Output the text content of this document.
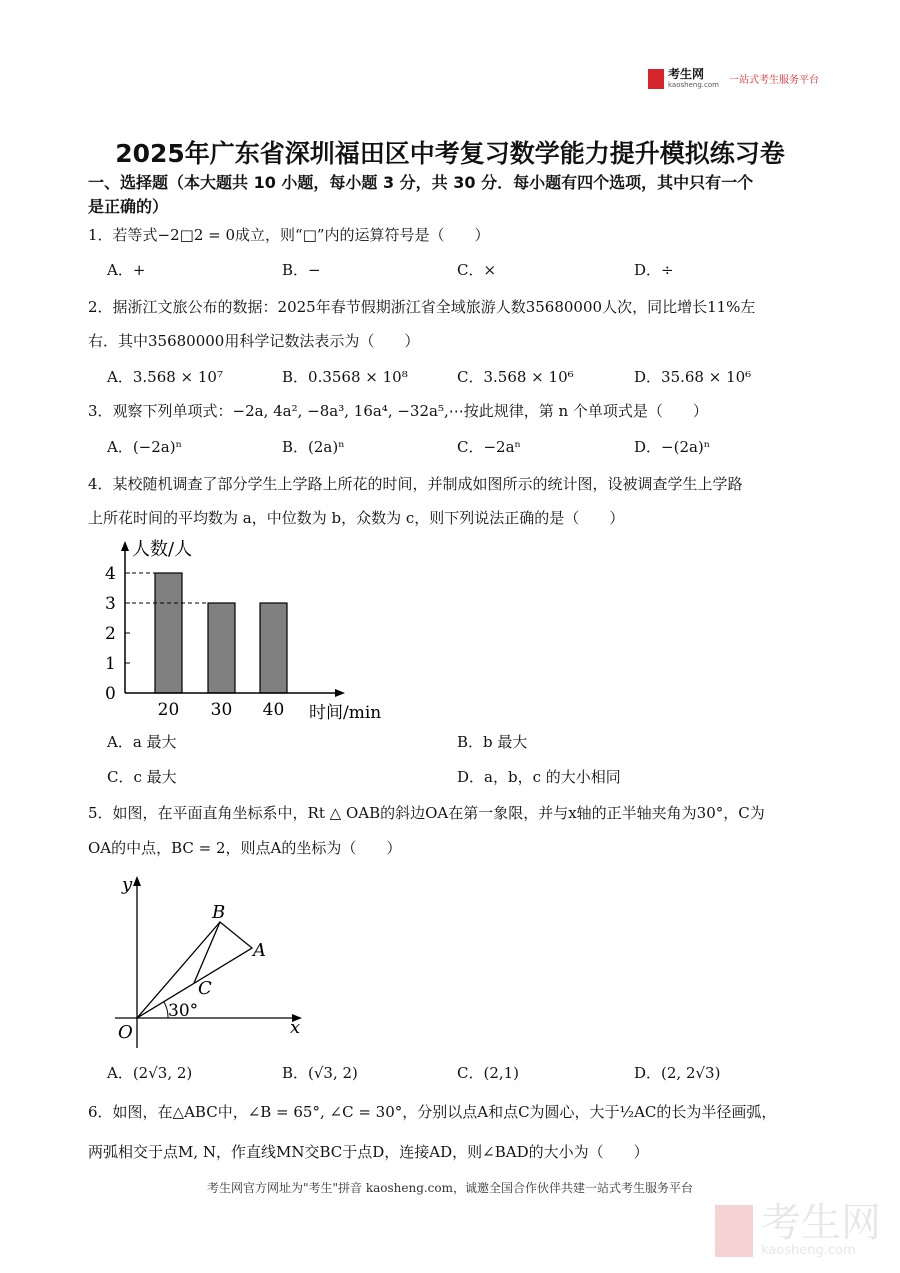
考生网
kaosheng.com 一站式考生服务平台
2025年广东省深圳福田区中考复习数学能力提升模拟练习卷
一、选择题（本大题共 10 小题，每小题 3 分，共 30 分．每小题有四个选项，其中只有一个
是正确的）
1．若等式−2□2 = 0成立，则“□”内的运算符号是（　　）
A．+	B．−	C．×	D．÷
2．据浙江文旅公布的数据：2025年春节假期浙江省全域旅游人数35680000人次，同比增长11%左
右．其中35680000用科学记数法表示为（　　）
A．3.568 × 10⁷	B．0.3568 × 10⁸	C．3.568 × 10⁶	D．35.68 × 10⁶
3．观察下列单项式：−2a, 4a², −8a³, 16a⁴, −32a⁵,⋯按此规律，第 n 个单项式是（　　）
A．(−2a)ⁿ	B．(2a)ⁿ	C．−2aⁿ	D．−(2a)ⁿ
4．某校随机调查了部分学生上学路上所花的时间，并制成如图所示的统计图，设被调查学生上学路
上所花时间的平均数为 a，中位数为 b，众数为 c，则下列说法正确的是（　　）
0
1
2
3
4
20 30 40
人数/人
时间/min
A．a 最大	B．b 最大
C．c 最大	D．a，b，c 的大小相同
5．如图，在平面直角坐标系中，Rt △ OAB的斜边OA在第一象限，并与x轴的正半轴夹角为30°，C为
OA的中点，BC = 2，则点A的坐标为（　　）
y
x
O
A
B
C
30°
A．(2√3, 2)	B．(√3, 2)	C．(2,1)	D．(2, 2√3)
6．如图，在△ABC中，∠B = 65°, ∠C = 30°，分别以点A和点C为圆心，大于½AC的长为半径画弧，
两弧相交于点M, N，作直线MN交BC于点D，连接AD，则∠BAD的大小为（　　）
考生网官方网址为"考生"拼音 kaosheng.com，诚邀全国合作伙伴共建一站式考生服务平台
考生网
kaosheng.com
